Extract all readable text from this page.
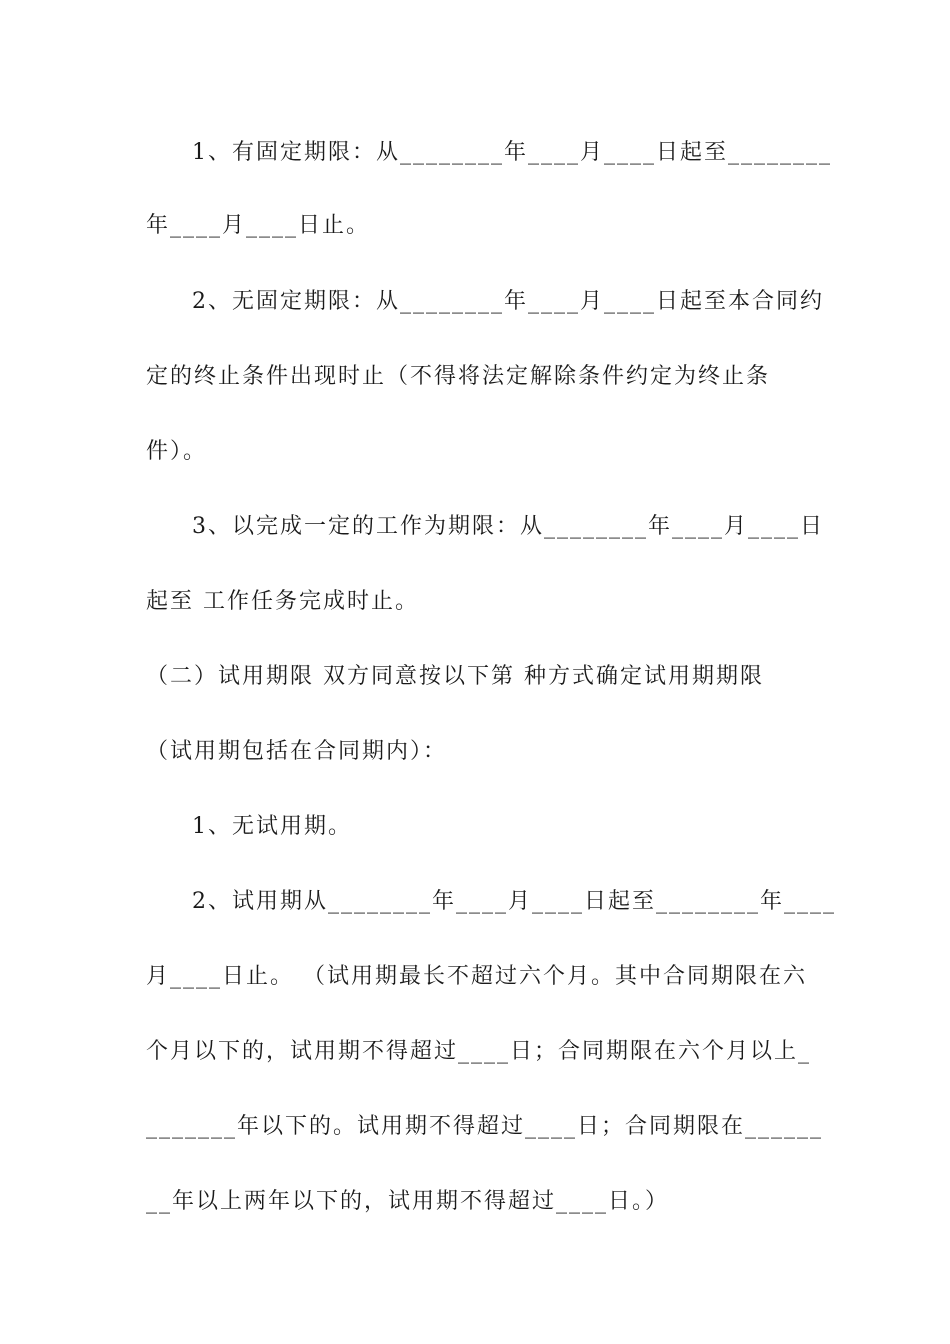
1、有固定期限：从________年____月____日起至________
年____月____日止。
2、无固定期限：从________年____月____日起至本合同约
定的终止条件出现时止（不得将法定解除条件约定为终止条
件）。
3、以完成一定的工作为期限：从________年____月____日
起至 工作任务完成时止。
（二）试用期限 双方同意按以下第 种方式确定试用期期限
（试用期包括在合同期内）：
1、无试用期。
2、试用期从________年____月____日起至________年____
月____日止。 （试用期最长不超过六个月。其中合同期限在六
个月以下的，试用期不得超过____日；合同期限在六个月以上_
_______年以下的。试用期不得超过____日；合同期限在______
__年以上两年以下的，试用期不得超过____日。）
